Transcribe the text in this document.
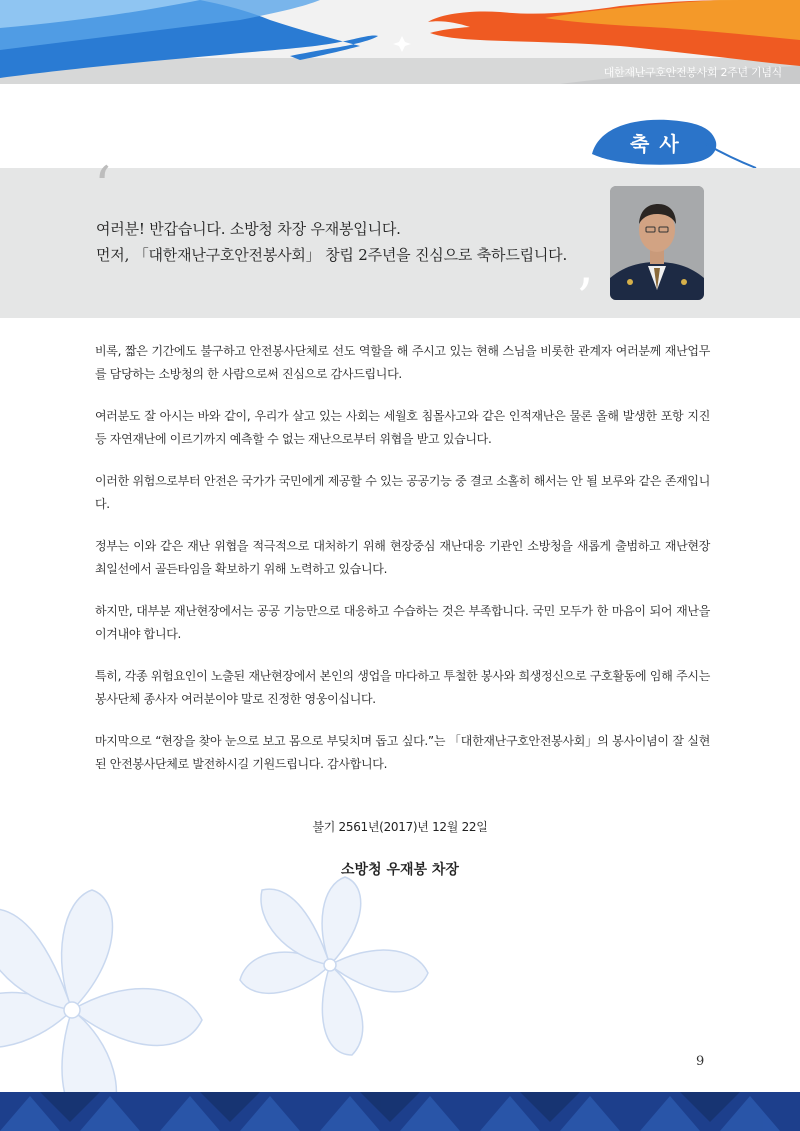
대한재난구호안전봉사회 2주년 기념식
축사
‘
여러분! 반갑습니다. 소방청 차장 우재봉입니다.
먼저, 「대한재난구호안전봉사회」 창립 2주년을 진심으로 축하드립니다.
’

비록, 짧은 기간에도 불구하고 안전봉사단체로 선도 역할을 해 주시고 있는 현해 스님을 비롯한 관계자 여러분께 재난업무를 담당하는 소방청의 한 사람으로써 진심으로 감사드립니다.

여러분도 잘 아시는 바와 같이, 우리가 살고 있는 사회는 세월호 침몰사고와 같은 인적재난은 물론 올해 발생한 포항 지진 등 자연재난에 이르기까지 예측할 수 없는 재난으로부터 위협을 받고 있습니다.

이러한 위험으로부터 안전은 국가가 국민에게 제공할 수 있는 공공기능 중 결코 소홀히 해서는 안 될 보루와 같은 존재입니다.

정부는 이와 같은 재난 위협을 적극적으로 대처하기 위해 현장중심 재난대응 기관인 소방청을 새롭게 출범하고 재난현장 최일선에서 골든타임을 확보하기 위해 노력하고 있습니다.

하지만, 대부분 재난현장에서는 공공 기능만으로 대응하고 수습하는 것은 부족합니다. 국민 모두가 한 마음이 되어 재난을 이겨내야 합니다.

특히, 각종 위험요인이 노출된 재난현장에서 본인의 생업을 마다하고 투철한 봉사와 희생정신으로 구호활동에 임해 주시는 봉사단체 종사자 여러분이야 말로 진정한 영웅이십니다.

마지막으로 “현장을 찾아 눈으로 보고 몸으로 부딪치며 돕고 싶다.”는 「대한재난구호안전봉사회」의 봉사이념이 잘 실현된 안전봉사단체로 발전하시길 기원드립니다. 감사합니다.

불기 2561년(2017)년 12월 22일
소방청 우재봉 차장
9
